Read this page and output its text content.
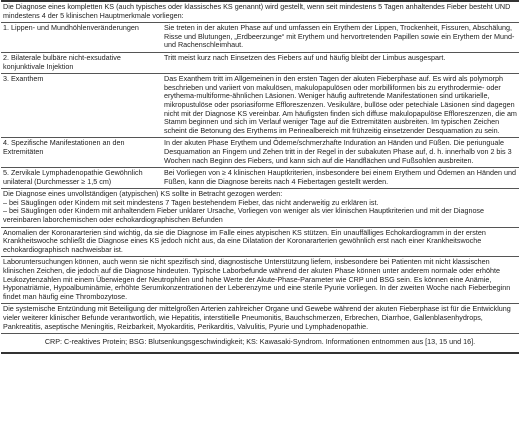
Die Diagnose eines kompletten KS (auch typisches oder klassisches KS genannt) wird gestellt, wenn seit mindestens 5 Tagen anhaltendes Fieber besteht UND mindestens 4 der 5 klinischen Hauptmerkmale vorliegen:

1. Lippen- und Mundhöhlenveränderungen	Sie treten in der akuten Phase auf und umfassen ein Erythem der Lippen, Trockenheit, Fissuren, Abschälung, Risse und Blutungen, „Erdbeerzunge“ mit Erythem und hervortretenden Papillen sowie ein Erythem der Mund- und Rachenschleimhaut.
2. Bilaterale bulbäre nicht-exsudative konjunktivale Injektion	Tritt meist kurz nach Einsetzen des Fiebers auf und häufig bleibt der Limbus ausgespart.
3. Exanthem	Das Exanthem tritt im Allgemeinen in den ersten Tagen der akuten Fieberphase auf. Es wird als polymorph beschrieben und variiert von makulösen, makulopapulösen oder morbilliformen bis zu erythrodermie- oder erythema-multiforme-ähnlichen Läsionen. Weniger häufig auftretende Manifestationen sind urtikarielle, mikropustulöse oder psoriasiforme Effloreszenzen. Vesikuläre, bullöse oder petechiale Läsionen sind dagegen nicht mit der Diagnose KS vereinbar. Am häufigsten finden sich diffuse makulopapulöse Effloreszenzen, die am Stamm beginnen und sich im Verlauf weniger Tage auf die Extremitäten ausbreiten. Im typischen Zeichen scheint die Betonung des Erythems im Perinealbereich mit frühzeitig einsetzender Desquamation zu sein.
4. Spezifische Manifestationen an den Extremitäten	In der akuten Phase Erythem und Ödeme/schmerzhafte Induration an Händen und Füßen. Die periunguale Desquamation an Fingern und Zehen tritt in der Regel in der subakuten Phase auf, d. h. innerhalb von 2 bis 3 Wochen nach Beginn des Fiebers, und kann sich auf die Handflächen und Fußsohlen ausbreiten.
5. Zervikale Lymphadenopathie Gewöhnlich unilateral (Durchmesser ≥ 1,5 cm)	Bei Vorliegen von ≥ 4 klinischen Hauptkriterien, insbesondere bei einem Erythem und Ödemen an Händen und Füßen, kann die Diagnose bereits nach 4 Fiebertagen gestellt werden.

Die Diagnose eines unvollständigen (atypischen) KS sollte in Betracht gezogen werden:

– bei Säuglingen oder Kindern mit seit mindestens 7 Tagen bestehendem Fieber, das nicht anderweitig zu erklären ist.
– bei Säuglingen oder Kindern mit anhaltendem Fieber unklarer Ursache, Vorliegen von weniger als vier klinischen Hauptkriterien und mit der Diagnose vereinbaren laborchemischen oder echokardiographischen Befunden

Anomalien der Koronararterien sind wichtig, da sie die Diagnose im Falle eines atypischen KS stützen. Ein unauffälliges Echokardiogramm in der ersten Krankheitswoche schließt die Diagnose eines KS jedoch nicht aus, da eine Dilatation der Koronararterien gewöhnlich erst nach einer Krankheitswoche echokardiographisch nachweisbar ist.

Laboruntersuchungen können, auch wenn sie nicht spezifisch sind, diagnostische Unterstützung liefern, insbesondere bei Patienten mit nicht klassischen klinischen Zeichen, die jedoch auf die Diagnose hindeuten. Typische Laborbefunde während der akuten Phase können unter anderem normale oder erhöhte Leukozytenzahlen mit einem Überwiegen der Neutrophilen und hohe Werte der Akute-Phase-Parameter wie CRP und BSG sein. Es können eine Anämie, Hyponatriämie, Hypoalbuminämie, erhöhte Serumkonzentrationen der Leberenzyme und eine sterile Pyurie vorliegen. In der zweiten Woche nach Fieberbeginn findet man häufig eine Thrombozytose.

Die systemische Entzündung mit Beteiligung der mittelgroßen Arterien zahlreicher Organe und Gewebe während der akuten Fieberphase ist für die Entwicklung vieler weiterer klinischer Befunde verantwortlich, wie Hepatitis, interstitielle Pneumonitis, Bauchschmerzen, Erbrechen, Diarrhoe, Gallenblasenhydrops, Pankreatitis, aseptische Meningitis, Reizbarkeit, Myokarditis, Perikarditis, Valvulitis, Pyurie und Lymphadenopathie.

CRP: C-reaktives Protein; BSG: Blutsenkungsgeschwindigkeit; KS: Kawasaki-Syndrom. Informationen entnommen aus [13, 15 und 16].
